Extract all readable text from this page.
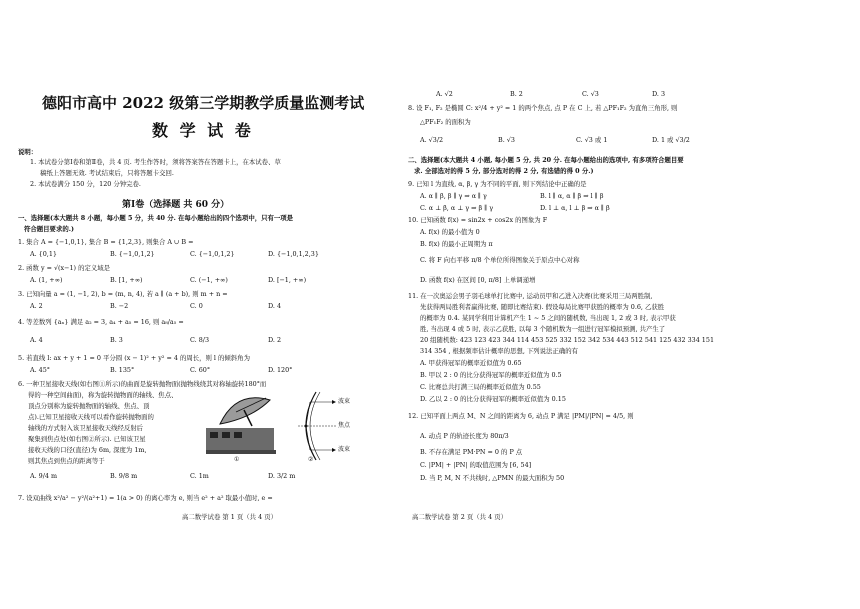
德阳市高中 2022 级第三学期教学质量监测考试
数 学 试 卷
说明：
1. 本试卷分第Ⅰ卷和第Ⅱ卷，共 4 页. 考生作答时，须将答案答在答题卡上，在本试卷、草
稿纸上答题无效. 考试结束后，只将答题卡交回.
2. 本试卷满分 150 分，120 分钟完卷.
第Ⅰ卷（选择题 共 60 分）
一、选择题(本大题共 8 小题，每小题 5 分，共 40 分. 在每小题给出的四个选项中，只有一项是
符合题目要求的.)
1. 集合 A = {−1,0,1}, 集合 B = {1,2,3}, 则集合 A ∪ B =
A. {0,1}	B. {−1,0,1,2}	C. {−1,0,1,2}	D. {−1,0,1,2,3}
2. 函数 y = √(x−1) 的定义域是
A. (1, +∞)	B. [1, +∞)	C. (−1, +∞)	D. [−1, +∞)
3. 已知向量 a = (1, −1, 2), b = (m, n, 4), 若 a ∥ (a + b), 则 m + n =
A. 2	B. −2	C. 0	D. 4
4. 等差数列 {aₙ} 满足 a₂ = 3, a₄ + a₅ = 16, 则 a₈/a₅ =
A. 4	B. 3	C. 8/3	D. 2
5. 若直线 l: ax + y + 1 = 0 平分圆 (x − 1)² + y² = 4 的周长，则 l 的倾斜角为
A. 45°	B. 135°	C. 60°	D. 120°
6. 一种卫星接收天线(如右图①所示)的曲面是旋转抛物面(抛物线绕其对称轴旋转180°而
得的一种空间曲面)，称为旋转抛物面的轴线、焦点、
顶点分别称为旋转抛物面的轴线、焦点、顶
点).已知卫星接收天线可以看作旋转抛物面的
轴线的方式射入该卫星接收天线经反射后
聚集到焦点处(如右图②所示). 已知该卫星
接收天线的口径(直径)为 6m, 深度为 1m,
则其焦点到焦点的距离等于
波束
焦点
波束
①	②
A. 9/4 m	B. 9/8 m	C. 1m	D. 3/2 m
7. 设双曲线 x²/a² − y²/(a²+1) = 1(a > 0) 的离心率为 e, 则当 e² + a² 取最小值时, e =
高二数学试卷 第 1 页（共 4 页）
A. √2	B. 2	C. √3	D. 3
8. 设 F₁, F₂ 是椭圆 C: x²/4 + y² = 1 的两个焦点, 点 P 在 C 上, 若 △PF₁F₂ 为直角三角形, 则
△PF₁F₂ 的面积为
A. √3/2	B. √3	C. √3 或 1	D. 1 或 √3/2
二、选择题(本大题共 4 小题, 每小题 5 分, 共 20 分. 在每小题给出的选项中, 有多项符合题目要
求. 全部选对的得 5 分, 部分选对的得 2 分, 有选错的得 0 分.)
9. 已知 l 为直线, α, β, γ 为不同的平面, 则下列结论中正确的是
A. α ∥ β, β ∥ γ ⇒ α ∥ γ	B. l ∥ α, α ∥ β ⇒ l ∥ β
C. α ⊥ β, α ⊥ γ ⇒ β ∥ γ	D. l ⊥ α, l ⊥ β ⇒ α ∥ β
10. 已知函数 f(x) = sin2x + cos2x 的图象为 F
A. f(x) 的最小值为 0
B. f(x) 的最小正周期为 π
C. 将 F 向右平移 π/8 个单位所得图象关于原点中心对称
D. 函数 f(x) 在区间 [0, π/8] 上单调递增
11. 在一次奥运会男子羽毛球单打比赛中, 运动员甲和乙进入决赛(比赛采用三局两胜制,
先获得两局胜利者赢得比赛, 随即比赛结束). 假设每局比赛甲获胜的概率为 0.6, 乙获胜
的概率为 0.4. 某同学利用计算机产生 1 ~ 5 之间的随机数, 当出现 1, 2 或 3 时, 表示甲获
胜, 当出现 4 或 5 时, 表示乙获胜, 以每 3 个随机数为一组进行冠军模拟预测, 共产生了
20 组随机数: 423 123 423 344 114 453 525 332 152 342 534 443 512 541 125 432 334 151
314 354 , 根据频率估计概率的思想, 下列说法正确的有
A. 甲获得冠军的概率近似值为 0.65
B. 甲以 2 : 0 的比分获得冠军的概率近似值为 0.5
C. 比赛总共打满三局的概率近似值为 0.55
D. 乙以 2 : 0 的比分获得冠军的概率近似值为 0.15
12. 已知平面上两点 M、N 之间的距离为 6, 动点 P 满足 |PM|/|PN| = 4/5, 则
A. 动点 P 的轨迹长度为 80π/3
B. 不存在满足 PM·PN = 0 的 P 点
C. |PM| + |PN| 的取值范围为 [6, 54]
D. 当 P, M, N 不共线时, △PMN 的最大面积为 50
高二数学试卷 第 2 页（共 4 页）
